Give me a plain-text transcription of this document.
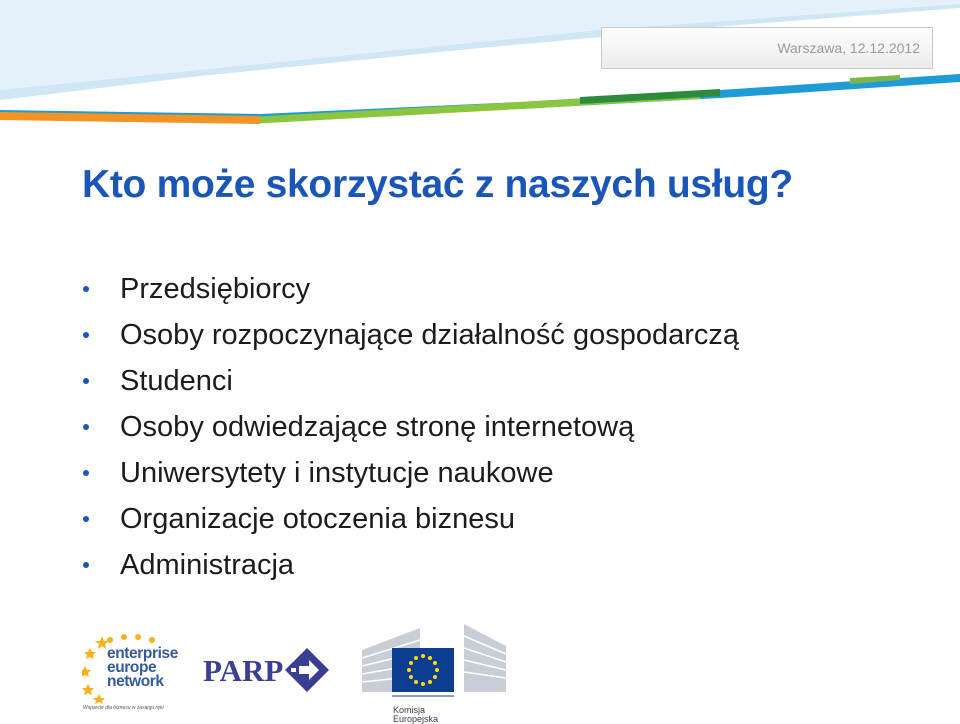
Warszawa, 12.12.2012
Kto może skorzystać z naszych usług?
Przedsiębiorcy
Osoby rozpoczynające działalność gospodarczą
Studenci
Osoby odwiedzające stronę internetową
Uniwersytety i instytucje naukowe
Organizacje otoczenia biznesu
Administracja
enterprise
europe
network
Wsparcie dla biznesu w zasięgu ręki
PARP
Komisja
Europejska
